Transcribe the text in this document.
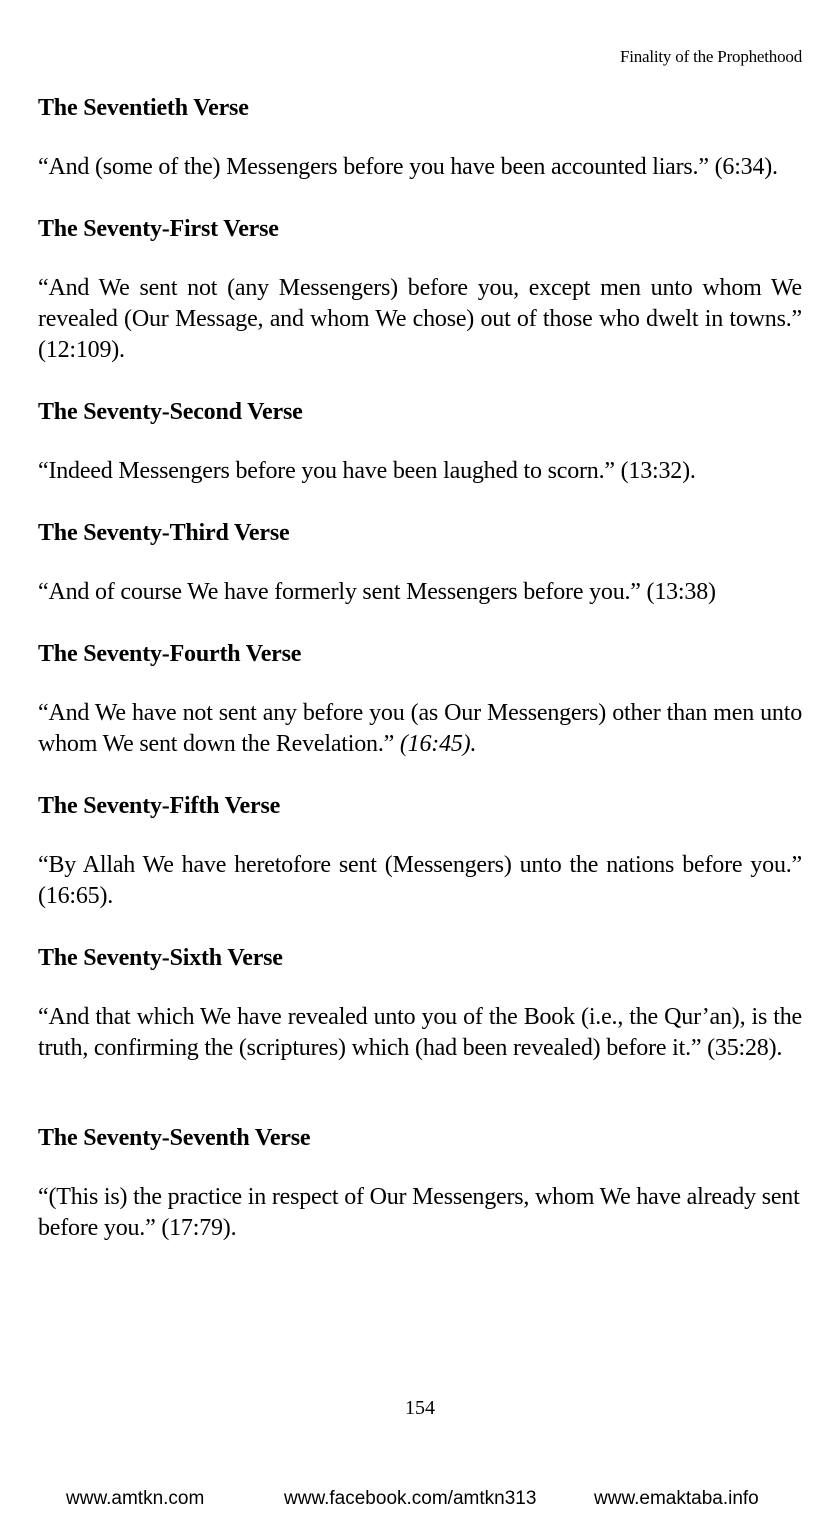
Finality of the Prophethood

The Seventieth Verse

“And (some of the) Messengers before you have been accounted liars.” (6:34).

The Seventy-First Verse

“And We sent not (any Messengers) before you, except men unto whom We revealed (Our Message, and whom We chose) out of those who dwelt in towns.” (12:109).

The Seventy-Second Verse

“Indeed Messengers before you have been laughed to scorn.” (13:32).

The Seventy-Third Verse

“And of course We have formerly sent Messengers before you.” (13:38)

The Seventy-Fourth Verse

“And We have not sent any before you (as Our Messengers) other than men unto whom We sent down the Revelation.” (16:45).

The Seventy-Fifth Verse

“By Allah We have heretofore sent (Messengers) unto the nations before you.” (16:65).

The Seventy-Sixth Verse

“And that which We have revealed unto you of the Book (i.e., the Qur’an), is the truth, confirming the (scriptures) which (had been revealed) before it.” (35:28).

The Seventy-Seventh Verse

“(This is) the practice in respect of Our Messengers, whom We have already sent before you.” (17:79).

154
www.amtkn.com	www.facebook.com/amtkn313	www.emaktaba.info
